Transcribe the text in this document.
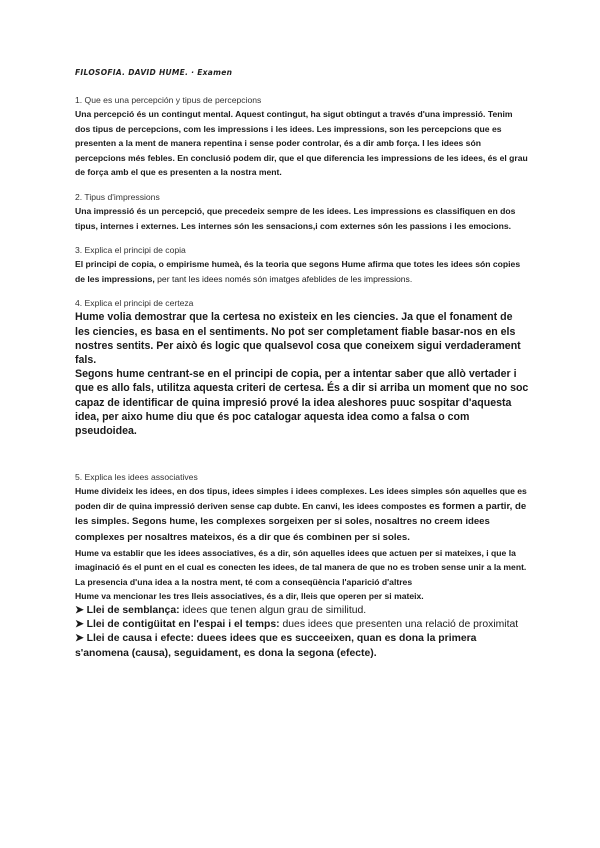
FILOSOFIA. DAVID HUME. · Examen
1. Que es una percepción y tipus de percepcions

Una percepció és un contingut mental. Aquest contingut, ha sigut obtingut a través d'una impressió. Tenim dos tipus de percepcions, com les impressions i les idees. Les impressions, son les percepcions que es presenten a la ment de manera repentina i sense poder controlar, és a dir amb força. I les idees són percepcions més febles. En conclusió podem dir, que el que diferencia les impressions de les idees, és el grau de força amb el que es presenten a la nostra ment.

2. Tipus d'impressions

Una impressió és un percepció, que precedeix sempre de les idees. Les impressions es classifiquen en dos tipus, internes i externes. Les internes són les sensacions,i com externes són les passions i les emocions.

3. Explica el principi de copia

El principi de copia, o empirisme humeà, és la teoria que segons Hume afirma que totes les idees són copies de les impressions, per tant les idees només són imatges afeblides de les impressions.

4. Explica el principi de certeza

Hume volia demostrar que la certesa no existeix en les ciencies. Ja que el fonament de les ciencies, es basa en el sentiments. No pot ser completament fiable basar-nos en els nostres sentits. Per això és logic que qualsevol cosa que coneixem sigui verdaderament fals.

Segons hume centrant-se en el principi de copia, per a intentar saber que allò vertader i que es allo fals, utilitza aquesta criteri de certesa. És a dir si arriba un moment que no soc capaz de identificar de quina impresió prové la idea aleshores puuc sospitar d'aquesta idea, per aixo hume diu que és poc catalogar aquesta idea como a falsa o com pseudoidea.

5. Explica les idees associatives

Hume divideix les idees, en dos tipus, idees simples i idees complexes. Les idees simples són aquelles que es poden dir de quina impressió deriven sense cap dubte. En canvi, les idees compostes es formen a partir, de les simples. Segons hume, les complexes sorgeixen per si soles, nosaltres no creem idees complexes per nosaltres mateixos, és a dir que és combinen per si soles.

Hume va establir que les idees associatives, és a dir, són aquelles idees que actuen per si mateixes, i que la imaginació és el punt en el cual es conecten les idees, de tal manera de que no es troben sense unir a la ment. La presencia d'una idea a la nostra ment, té com a conseqüència l'aparició d'altres

Hume va mencionar les tres lleis associatives, és a dir, lleis que operen per si mateix.

➤ Llei de semblança: idees que tenen algun grau de similitud.

➤ Llei de contigüitat en l'espai i el temps: dues idees que presenten una relació de proximitat

➤ Llei de causa i efecte: duees idees que es succeeixen, quan es dona la primera s'anomena (causa), seguidament, es dona la segona (efecte).
